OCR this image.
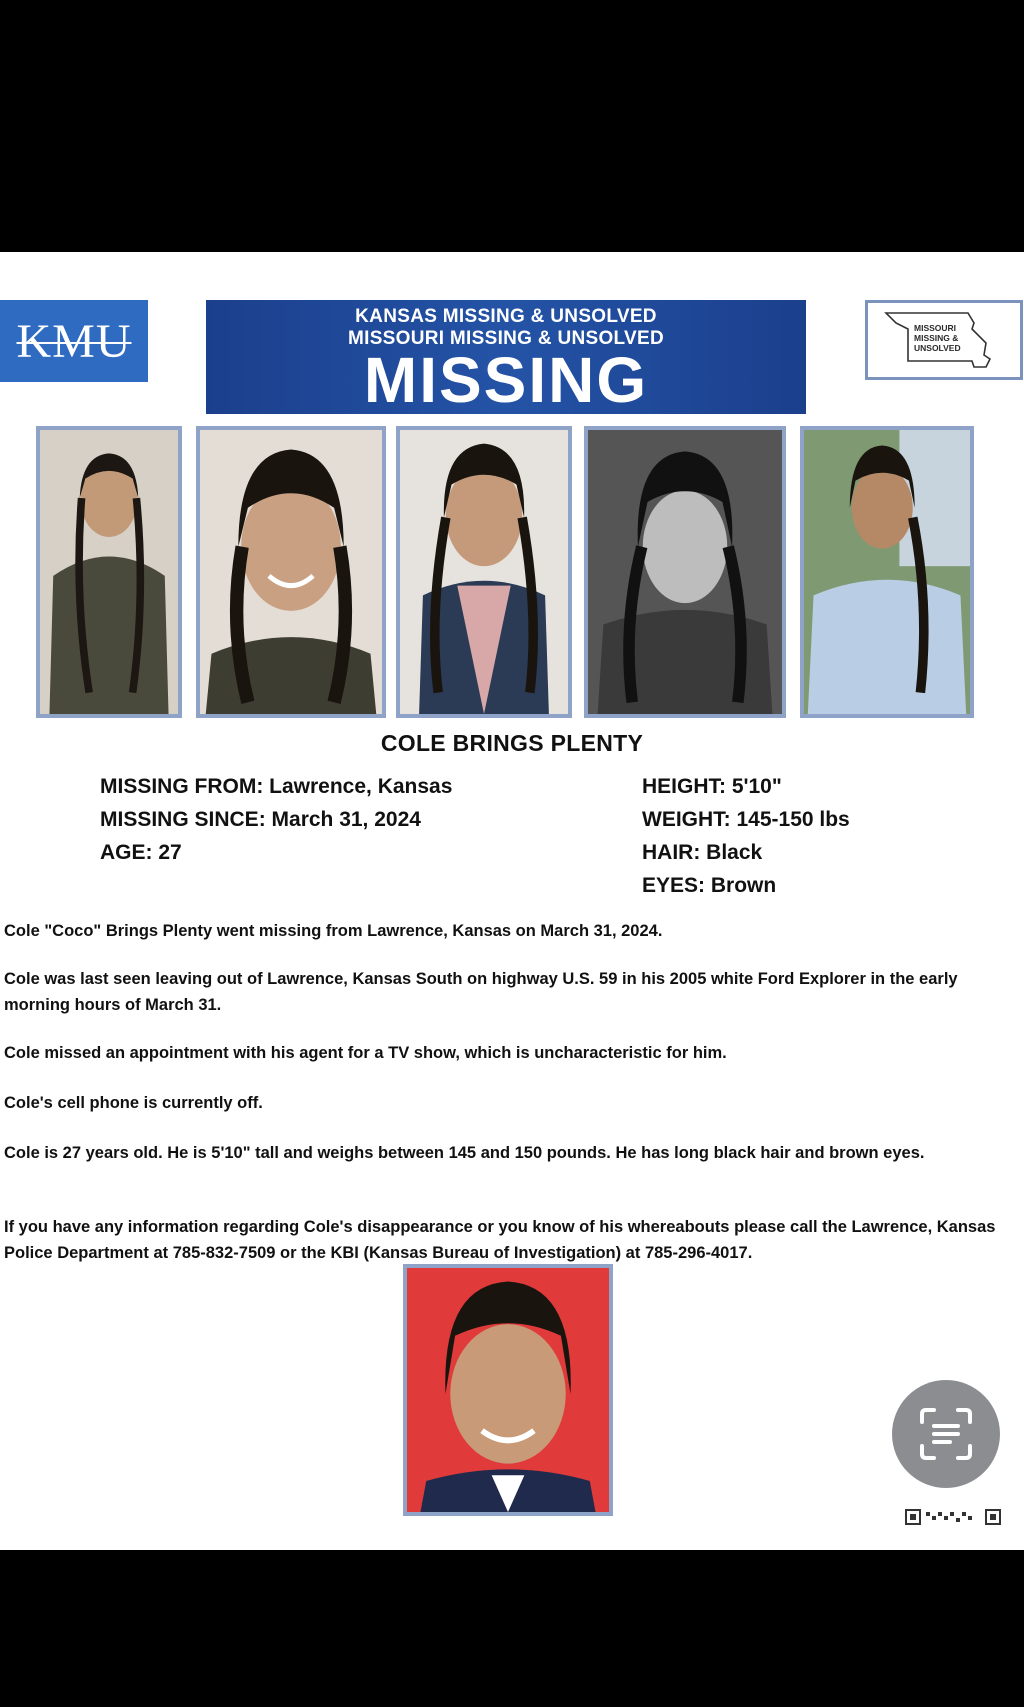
KMU	KANSAS MISSING & UNSOLVED
MISSOURI MISSING & UNSOLVED
MISSING
MISSOURI
MISSING &
UNSOLVED
COLE BRINGS PLENTY
MISSING FROM: Lawrence, Kansas
MISSING SINCE: March 31, 2024
AGE: 27
HEIGHT: 5'10"
WEIGHT: 145-150 lbs
HAIR: Black
EYES: Brown
Cole "Coco" Brings Plenty went missing from Lawrence, Kansas on March 31, 2024.
Cole was last seen leaving out of Lawrence, Kansas South on highway U.S. 59 in his 2005 white Ford Explorer in the early morning hours of March 31.
Cole missed an appointment with his agent for a TV show, which is uncharacteristic for him.
Cole's cell phone is currently off.
Cole is 27 years old. He is 5'10" tall and weighs between 145 and 150 pounds. He has long black hair and brown eyes.
If you have any information regarding Cole's disappearance or you know of his whereabouts please call the Lawrence, Kansas Police Department at 785-832-7509 or the KBI (Kansas Bureau of Investigation) at 785-296-4017.
